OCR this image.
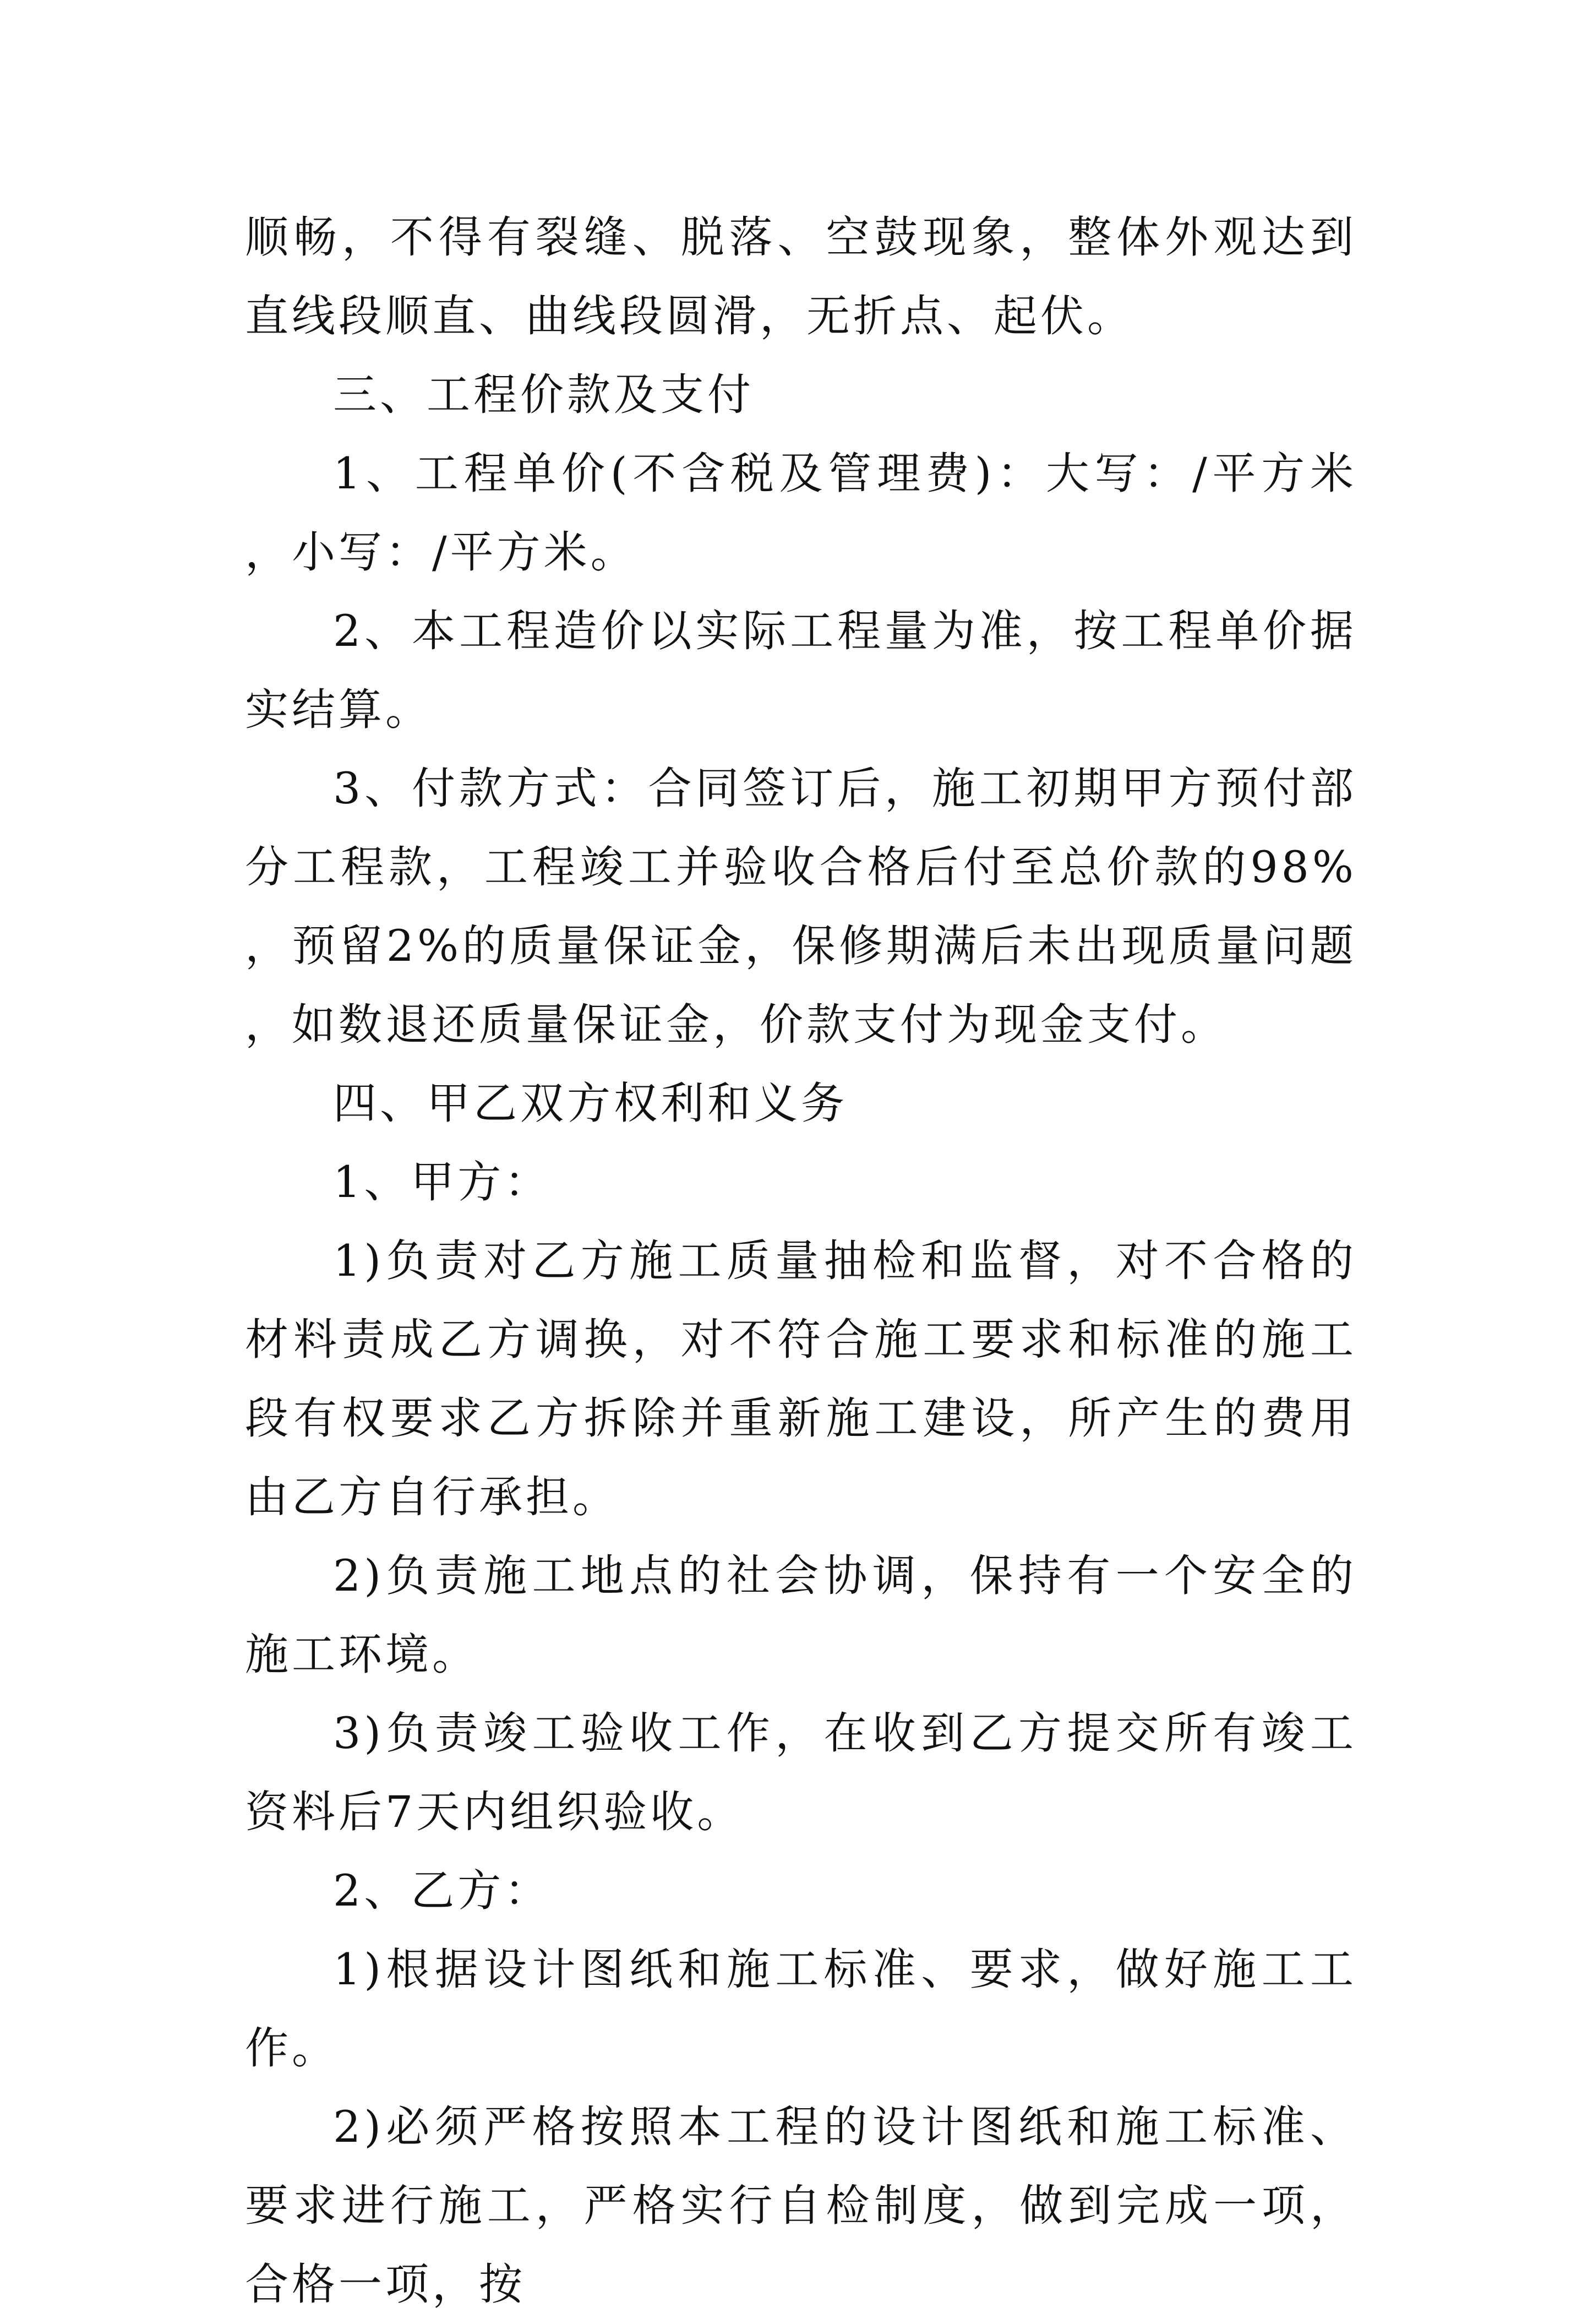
顺畅，不得有裂缝、脱落、空鼓现象，整体外观达到直线段顺直、曲线段圆滑，无折点、起伏。

三、工程价款及支付

1、工程单价(不含税及管理费)：大写：/平方米，小写：/平方米。

2、本工程造价以实际工程量为准，按工程单价据实结算。

3、付款方式：合同签订后，施工初期甲方预付部分工程款，工程竣工并验收合格后付至总价款的98%，预留2%的质量保证金，保修期满后未出现质量问题，如数退还质量保证金，价款支付为现金支付。

四、甲乙双方权利和义务

1、甲方：

1)负责对乙方施工质量抽检和监督，对不合格的材料责成乙方调换，对不符合施工要求和标准的施工段有权要求乙方拆除并重新施工建设，所产生的费用由乙方自行承担。

2)负责施工地点的社会协调，保持有一个安全的施工环境。

3)负责竣工验收工作，在收到乙方提交所有竣工资料后7天内组织验收。

2、乙方：

1)根据设计图纸和施工标准、要求，做好施工工作。

2)必须严格按照本工程的设计图纸和施工标准、要求进行施工，严格实行自检制度，做到完成一项，合格一项，按
